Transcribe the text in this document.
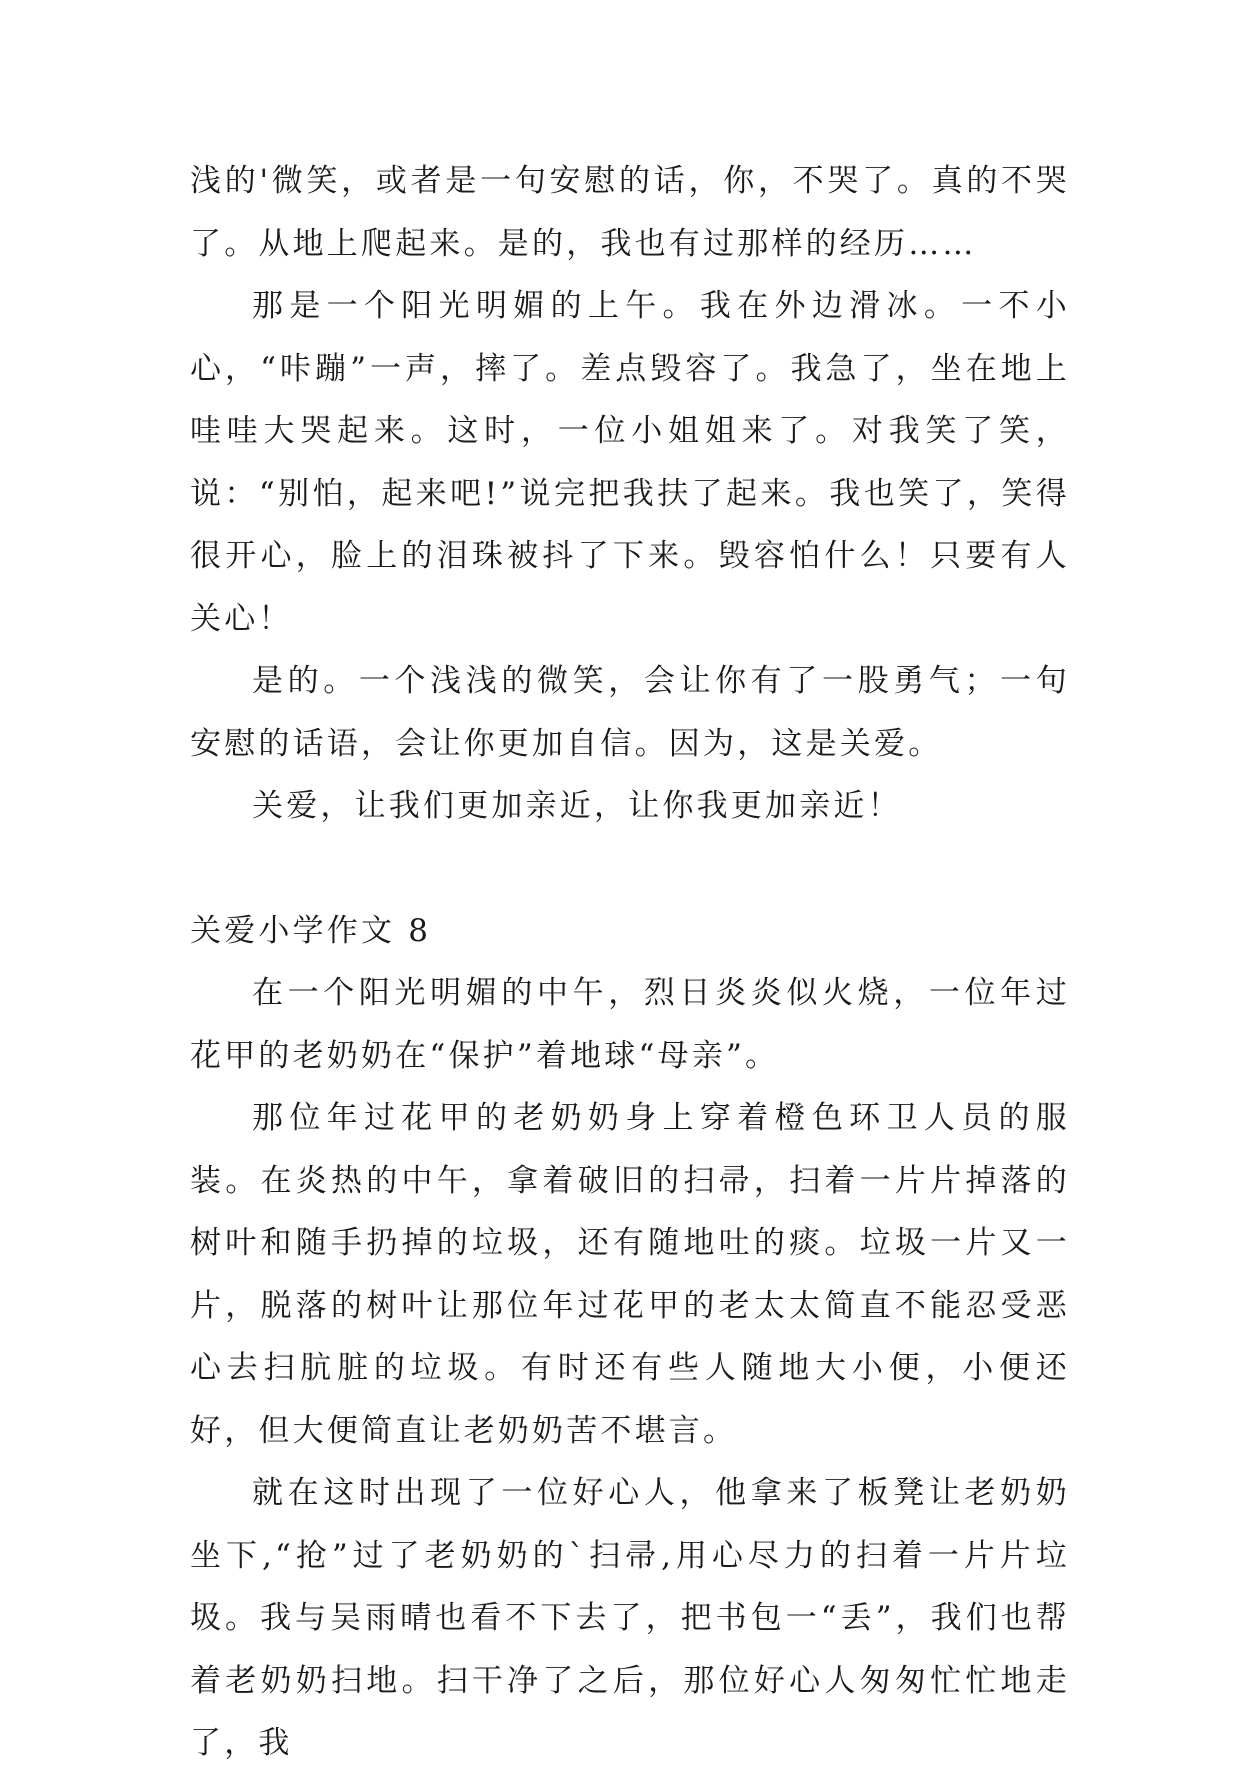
浅的'微笑，或者是一句安慰的话，你，不哭了。真的不哭了。从地上爬起来。是的，我也有过那样的经历……

那是一个阳光明媚的上午。我在外边滑冰。一不小心，“咔蹦”一声，摔了。差点毁容了。我急了，坐在地上哇哇大哭起来。这时，一位小姐姐来了。对我笑了笑，说：“别怕，起来吧!”说完把我扶了起来。我也笑了，笑得很开心，脸上的泪珠被抖了下来。毁容怕什么！只要有人关心！

是的。一个浅浅的微笑，会让你有了一股勇气；一句安慰的话语，会让你更加自信。因为，这是关爱。

关爱，让我们更加亲近，让你我更加亲近！

关爱小学作文 8

在一个阳光明媚的中午，烈日炎炎似火烧，一位年过花甲的老奶奶在“保护”着地球“母亲”。

那位年过花甲的老奶奶身上穿着橙色环卫人员的服装。在炎热的中午，拿着破旧的扫帚，扫着一片片掉落的树叶和随手扔掉的垃圾，还有随地吐的痰。垃圾一片又一片，脱落的树叶让那位年过花甲的老太太简直不能忍受恶心去扫肮脏的垃圾。有时还有些人随地大小便，小便还好，但大便简直让老奶奶苦不堪言。

就在这时出现了一位好心人，他拿来了板凳让老奶奶坐下,“抢”过了老奶奶的`扫帚,用心尽力的扫着一片片垃圾。我与吴雨晴也看不下去了，把书包一“丢”，我们也帮着老奶奶扫地。扫干净了之后，那位好心人匆匆忙忙地走了，我
